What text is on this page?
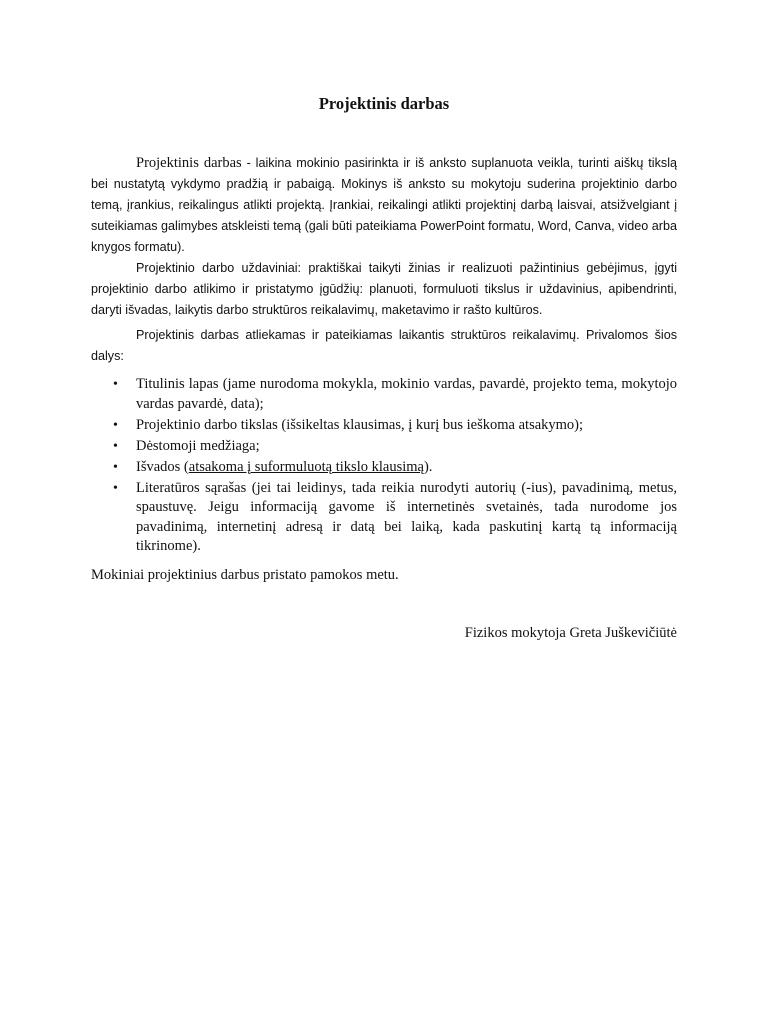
Projektinis darbas

Projektinis darbas - laikina mokinio pasirinkta ir iš anksto suplanuota veikla, turinti aiškų tikslą bei nustatytą vykdymo pradžią ir pabaigą. Mokinys iš anksto su mokytoju suderina projektinio darbo temą, įrankius, reikalingus atlikti projektą. Įrankiai, reikalingi atlikti projektinį darbą laisvai, atsižvelgiant į suteikiamas galimybes atskleisti temą (gali būti pateikiama PowerPoint formatu, Word, Canva, video arba knygos formatu).

Projektinio darbo uždaviniai: praktiškai taikyti žinias ir realizuoti pažintinius gebėjimus, įgyti projektinio darbo atlikimo ir pristatymo įgūdžių: planuoti, formuluoti tikslus ir uždavinius, apibendrinti, daryti išvadas, laikytis darbo struktūros reikalavimų, maketavimo ir rašto kultūros.

Projektinis darbas atliekamas ir pateikiamas laikantis struktūros reikalavimų. Privalomos šios dalys:

• Titulinis lapas (jame nurodoma mokykla, mokinio vardas, pavardė, projekto tema, mokytojo vardas pavardė, data);
• Projektinio darbo tikslas (išsikeltas klausimas, į kurį bus ieškoma atsakymo);
• Dėstomoji medžiaga;
• Išvados (atsakoma į suformuluotą tikslo klausimą).
• Literatūros sąrašas (jei tai leidinys, tada reikia nurodyti autorių (-ius), pavadinimą, metus, spaustuvę. Jeigu informaciją gavome iš internetinės svetainės, tada nurodome jos pavadinimą, internetinį adresą ir datą bei laiką, kada paskutinį kartą tą informaciją tikrinome).
Mokiniai projektinius darbus pristato pamokos metu.
Fizikos mokytoja Greta Juškevičiūtė
